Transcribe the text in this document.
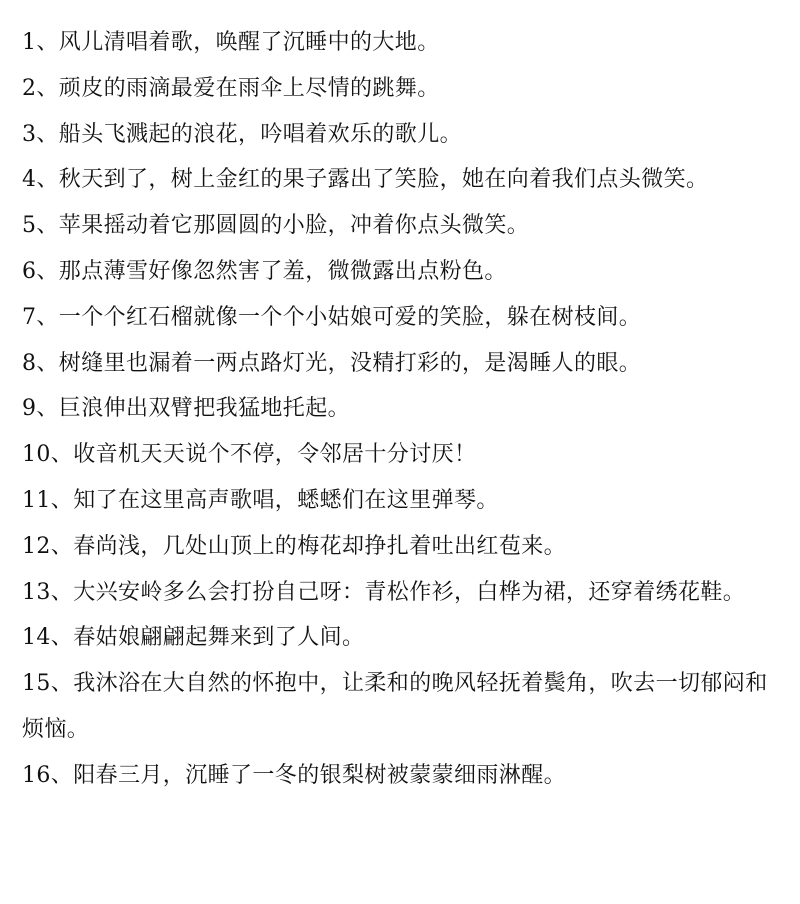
1、风儿清唱着歌，唤醒了沉睡中的大地。

2、顽皮的雨滴最爱在雨伞上尽情的跳舞。

3、船头飞溅起的浪花，吟唱着欢乐的歌儿。

4、秋天到了，树上金红的果子露出了笑脸，她在向着我们点头微笑。

5、苹果摇动着它那圆圆的小脸，冲着你点头微笑。

6、那点薄雪好像忽然害了羞，微微露出点粉色。

7、一个个红石榴就像一个个小姑娘可爱的笑脸，躲在树枝间。

8、树缝里也漏着一两点路灯光，没精打彩的，是渴睡人的眼。

9、巨浪伸出双臂把我猛地托起。

10、收音机天天说个不停，令邻居十分讨厌！

11、知了在这里高声歌唱，蟋蟋们在这里弹琴。

12、春尚浅，几处山顶上的梅花却挣扎着吐出红苞来。

13、大兴安岭多么会打扮自己呀：青松作衫，白桦为裙，还穿着绣花鞋。

14、春姑娘翩翩起舞来到了人间。

15、我沐浴在大自然的怀抱中，让柔和的晚风轻抚着鬓角，吹去一切郁闷和烦恼。

16、阳春三月，沉睡了一冬的银梨树被蒙蒙细雨淋醒。
